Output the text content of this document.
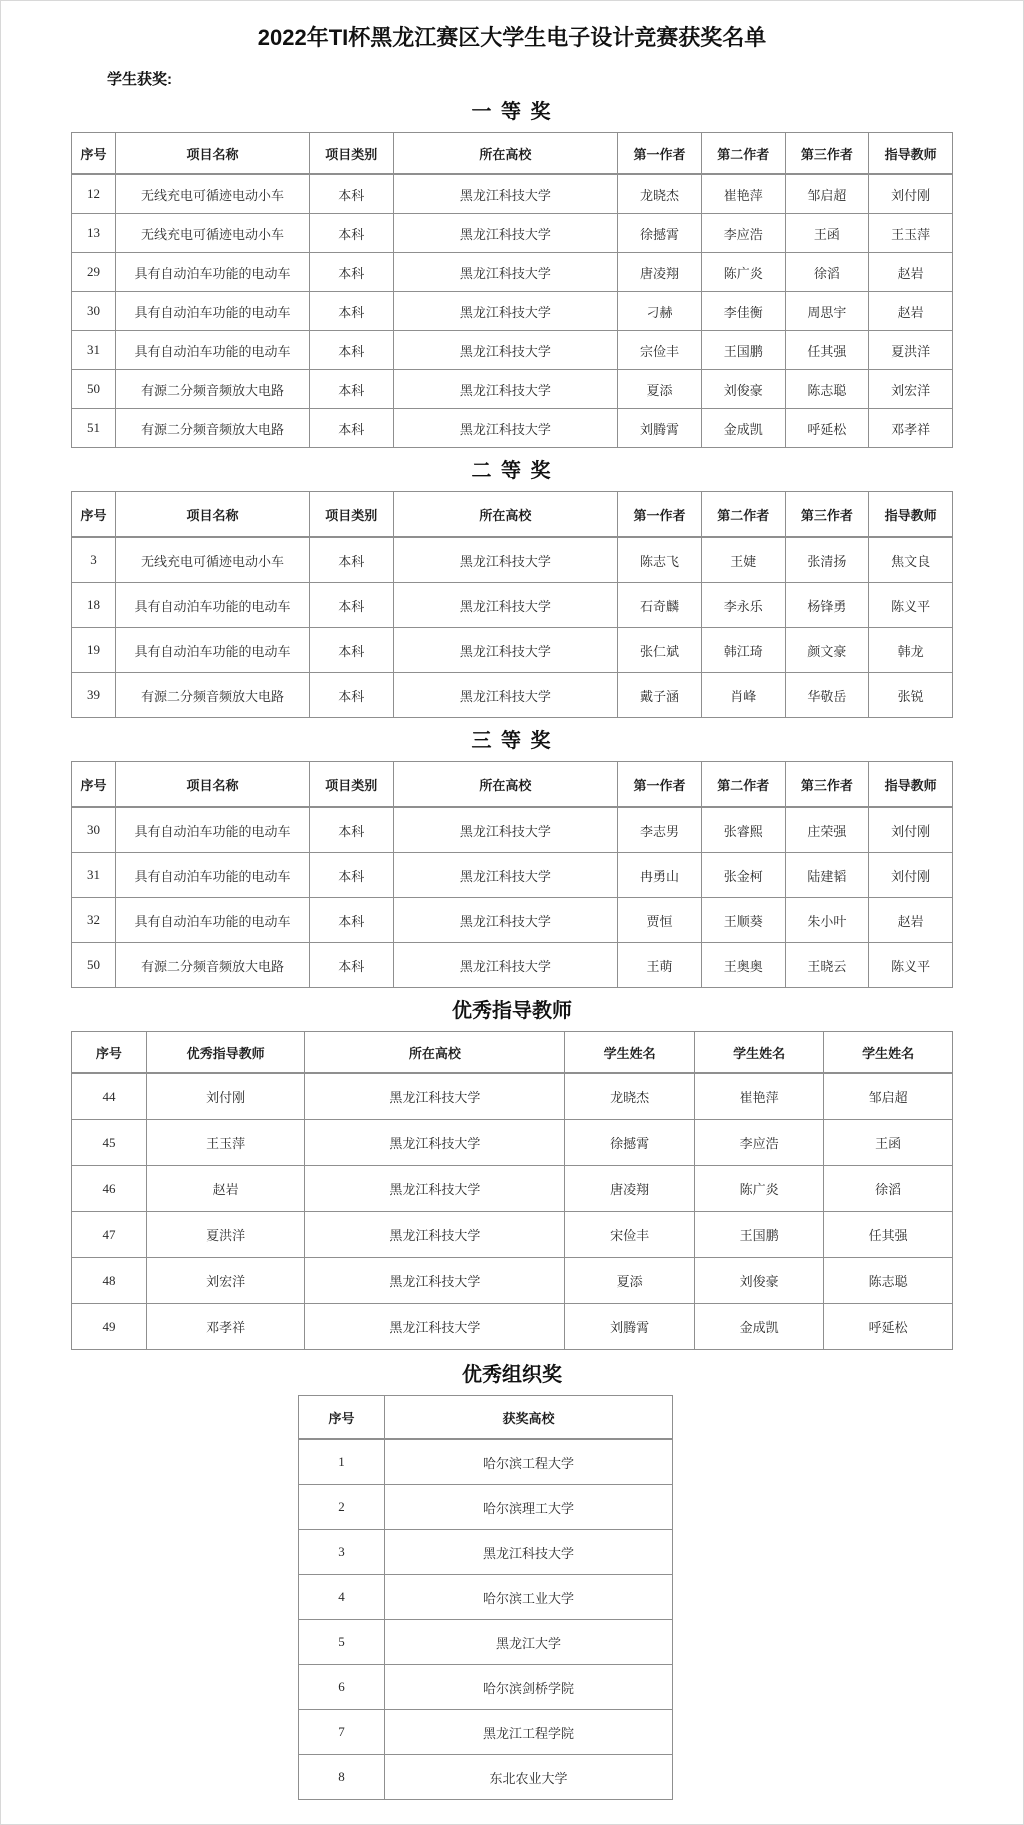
2022年TI杯黑龙江赛区大学生电子设计竞赛获奖名单
学生获奖:
一 等 奖
序号	项目名称	项目类别	所在高校	第一作者	第二作者	第三作者	指导教师
12	无线充电可循迹电动小车	本科	黑龙江科技大学	龙晓杰	崔艳萍	邹启超	刘付刚
13	无线充电可循迹电动小车	本科	黑龙江科技大学	徐撼霄	李应浩	王函	王玉萍
29	具有自动泊车功能的电动车	本科	黑龙江科技大学	唐凌翔	陈广炎	徐滔	赵岩
30	具有自动泊车功能的电动车	本科	黑龙江科技大学	刁赫	李佳衡	周思宇	赵岩
31	具有自动泊车功能的电动车	本科	黑龙江科技大学	宗俭丰	王国鹏	任其强	夏洪洋
50	有源二分频音频放大电路	本科	黑龙江科技大学	夏添	刘俊豪	陈志聪	刘宏洋
51	有源二分频音频放大电路	本科	黑龙江科技大学	刘腾霄	金成凯	呼延松	邓孝祥
二 等 奖
序号	项目名称	项目类别	所在高校	第一作者	第二作者	第三作者	指导教师
3	无线充电可循迹电动小车	本科	黑龙江科技大学	陈志飞	王婕	张清扬	焦文良
18	具有自动泊车功能的电动车	本科	黑龙江科技大学	石奇麟	李永乐	杨锋勇	陈义平
19	具有自动泊车功能的电动车	本科	黑龙江科技大学	张仁斌	韩江琦	颜文豪	韩龙
39	有源二分频音频放大电路	本科	黑龙江科技大学	戴子涵	肖峰	华敬岳	张锐
三 等 奖
序号	项目名称	项目类别	所在高校	第一作者	第二作者	第三作者	指导教师
30	具有自动泊车功能的电动车	本科	黑龙江科技大学	李志男	张睿熙	庄荣强	刘付刚
31	具有自动泊车功能的电动车	本科	黑龙江科技大学	冉勇山	张金柯	陆建韬	刘付刚
32	具有自动泊车功能的电动车	本科	黑龙江科技大学	贾恒	王顺葵	朱小叶	赵岩
50	有源二分频音频放大电路	本科	黑龙江科技大学	王萌	王奥奥	王晓云	陈义平
优秀指导教师
序号	优秀指导教师	所在高校	学生姓名	学生姓名	学生姓名
44	刘付刚	黑龙江科技大学	龙晓杰	崔艳萍	邹启超
45	王玉萍	黑龙江科技大学	徐撼霄	李应浩	王函
46	赵岩	黑龙江科技大学	唐凌翔	陈广炎	徐滔
47	夏洪洋	黑龙江科技大学	宋俭丰	王国鹏	任其强
48	刘宏洋	黑龙江科技大学	夏添	刘俊豪	陈志聪
49	邓孝祥	黑龙江科技大学	刘腾霄	金成凯	呼延松
优秀组织奖
序号	获奖高校
1	哈尔滨工程大学
2	哈尔滨理工大学
3	黑龙江科技大学
4	哈尔滨工业大学
5	黑龙江大学
6	哈尔滨剑桥学院
7	黑龙江工程学院
8	东北农业大学
